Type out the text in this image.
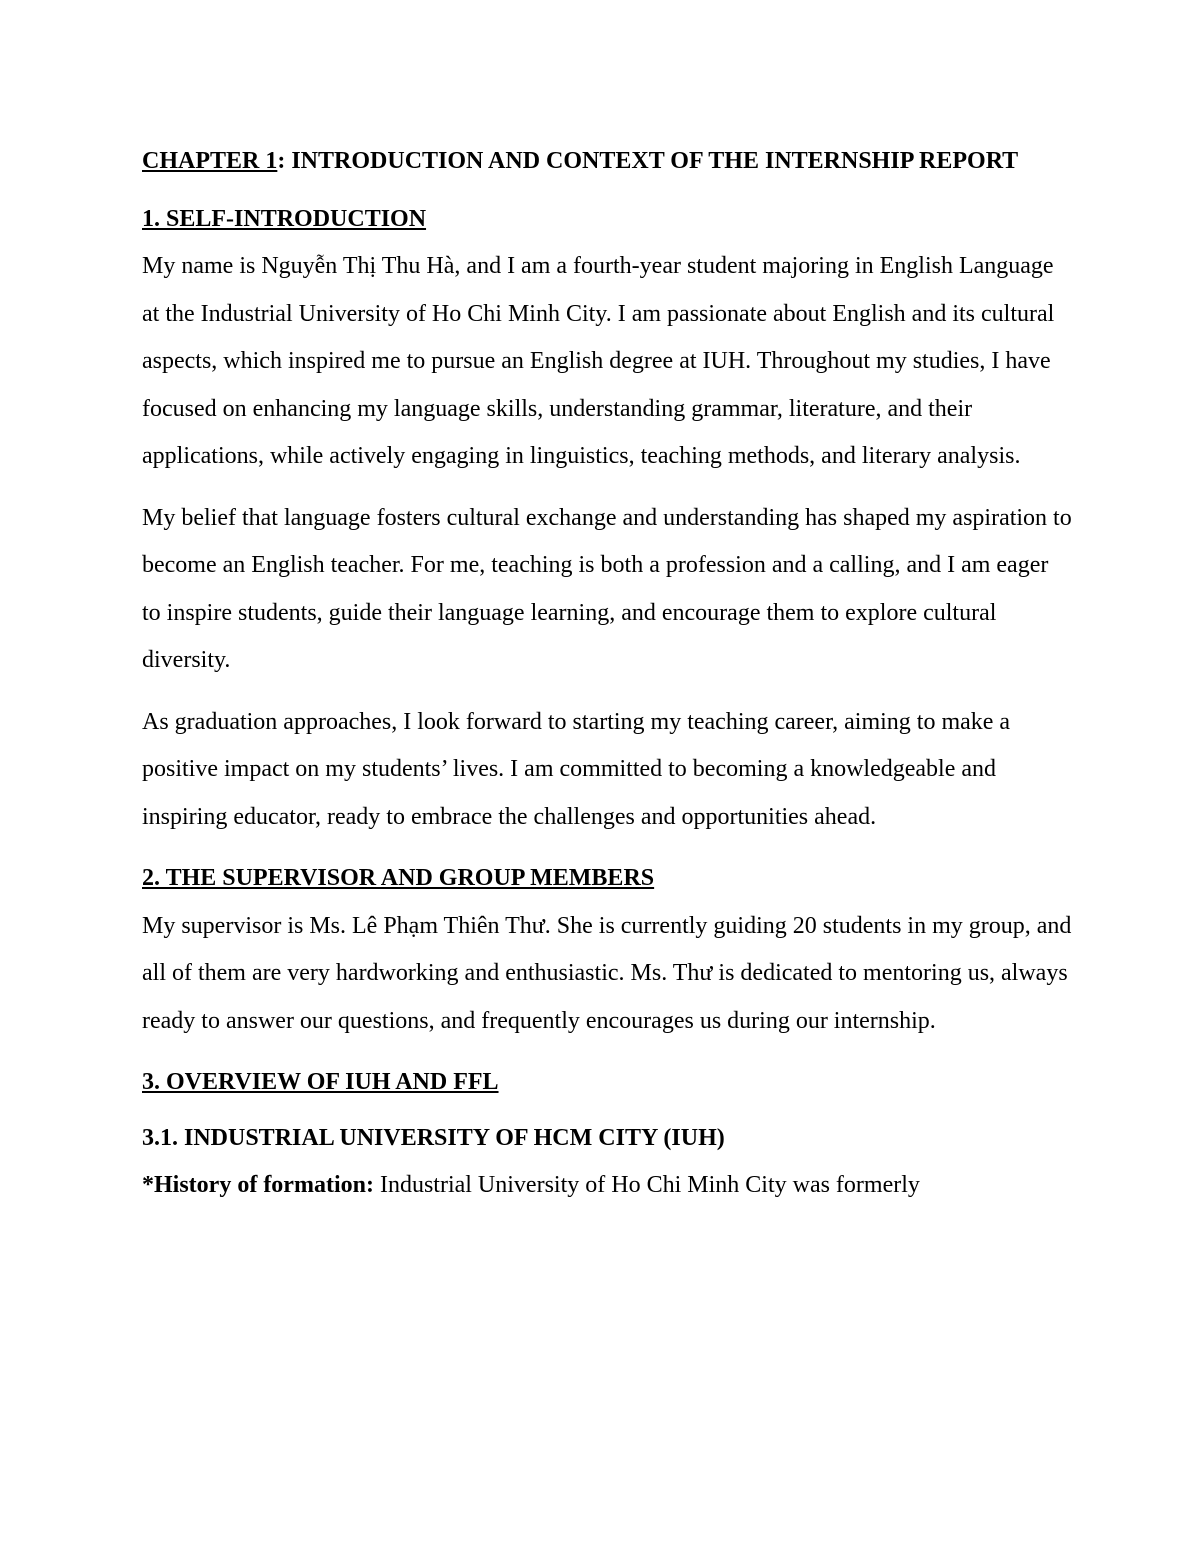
CHAPTER 1: INTRODUCTION AND CONTEXT OF THE INTERNSHIP REPORT
1. SELF-INTRODUCTION

My name is Nguyễn Thị Thu Hà, and I am a fourth-year student majoring in English Language at the Industrial University of Ho Chi Minh City. I am passionate about English and its cultural aspects, which inspired me to pursue an English degree at IUH. Throughout my studies, I have focused on enhancing my language skills, understanding grammar, literature, and their applications, while actively engaging in linguistics, teaching methods, and literary analysis.

My belief that language fosters cultural exchange and understanding has shaped my aspiration to become an English teacher. For me, teaching is both a profession and a calling, and I am eager to inspire students, guide their language learning, and encourage them to explore cultural diversity.

As graduation approaches, I look forward to starting my teaching career, aiming to make a positive impact on my students’ lives. I am committed to becoming a knowledgeable and inspiring educator, ready to embrace the challenges and opportunities ahead.

2. THE SUPERVISOR AND GROUP MEMBERS

My supervisor is Ms. Lê Phạm Thiên Thư. She is currently guiding 20 students in my group, and all of them are very hardworking and enthusiastic. Ms. Thư is dedicated to mentoring us, always ready to answer our questions, and frequently encourages us during our internship.

3. OVERVIEW OF IUH AND FFL
3.1. INDUSTRIAL UNIVERSITY OF HCM CITY (IUH)
*History of formation: Industrial University of Ho Chi Minh City was formerly
